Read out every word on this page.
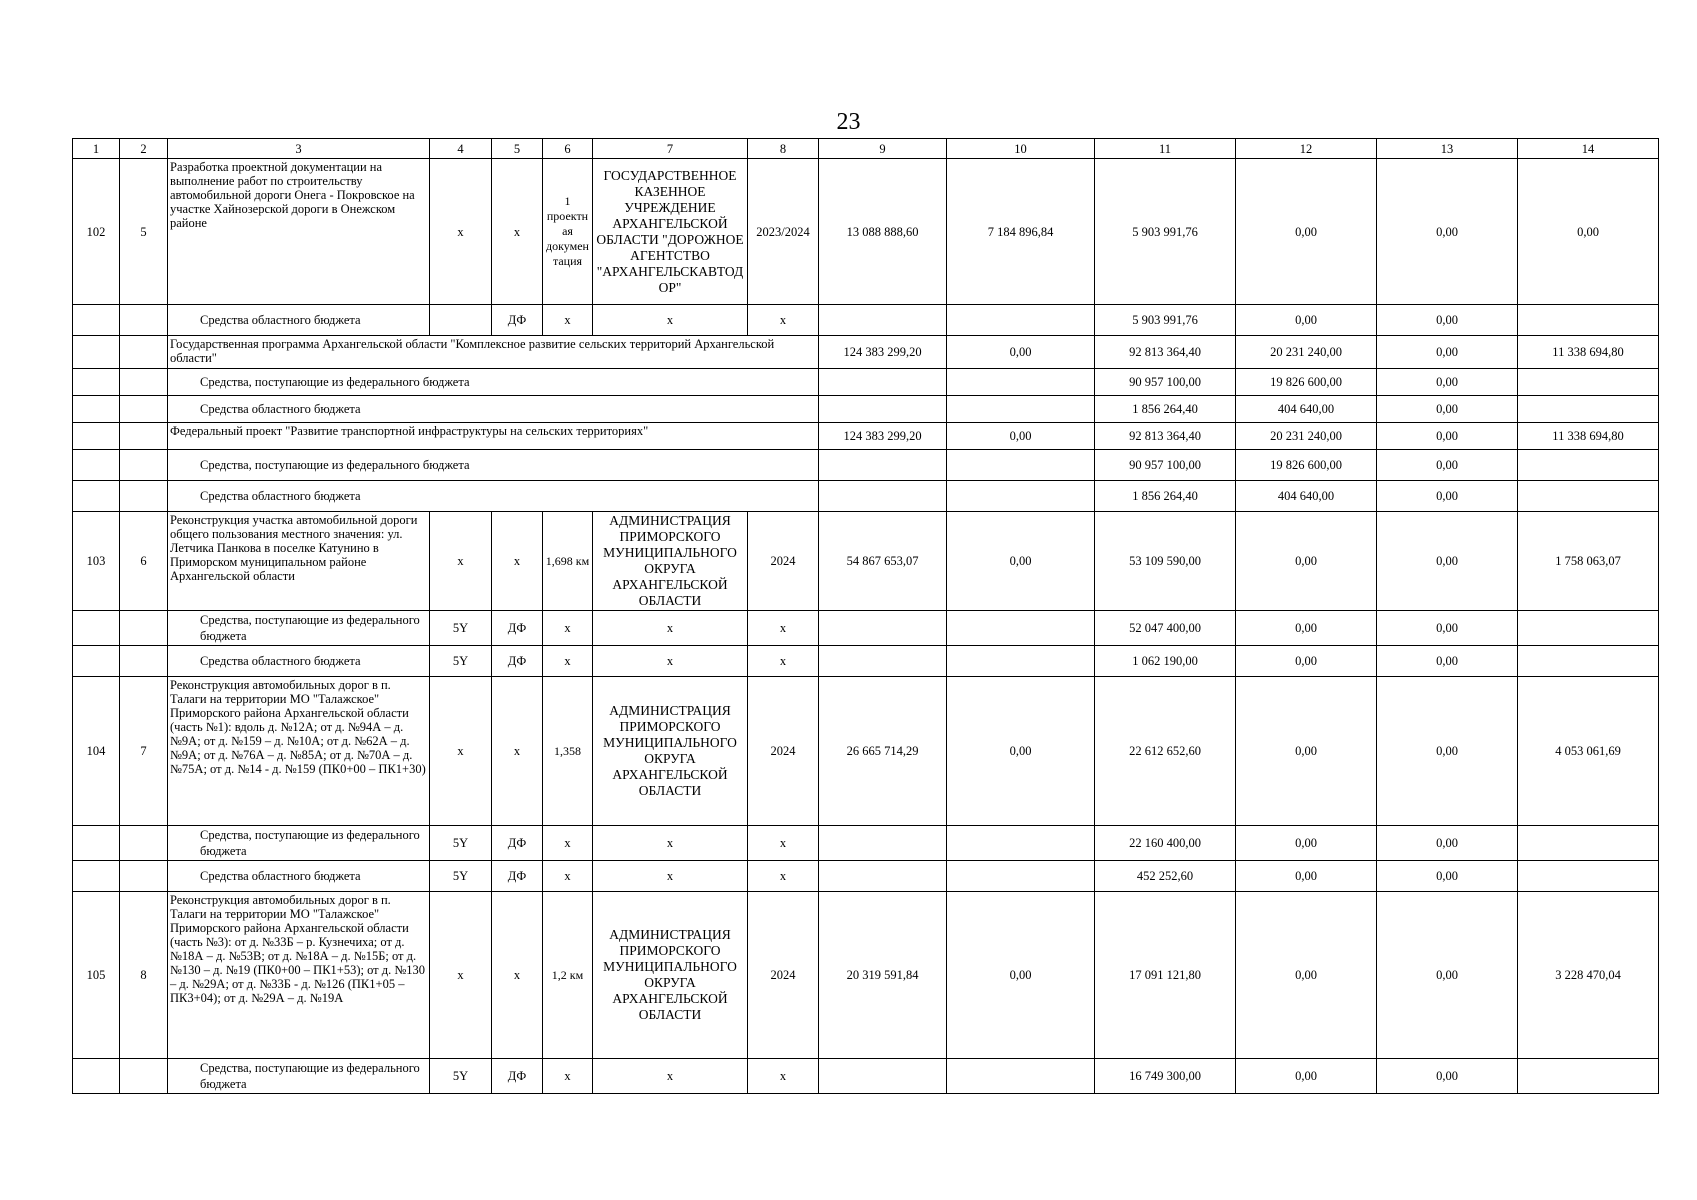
23
1	2	3	4	5	6	7	8	9	10	11	12	13	14
102	5	Разработка проектной документации на выполнение работ по строительству автомобильной дороги Онега - Покровское на участке Хайнозерской дороги в Онежском районе	x	x	1 проектная документация	ГОСУДАРСТВЕННОЕ КАЗЕННОЕ УЧРЕЖДЕНИЕ АРХАНГЕЛЬСКОЙ ОБЛАСТИ "ДОРОЖНОЕ АГЕНТСТВО "АРХАНГЕЛЬСКАВТОДОР"	2023/2024	13 088 888,60	7 184 896,84	5 903 991,76	0,00	0,00	0,00
		Средства областного бюджета		ДФ	x	x	x			5 903 991,76	0,00	0,00	
		Государственная программа Архангельской области "Комплексное развитие сельских территорий Архангельской области"						124 383 299,20	0,00	92 813 364,40	20 231 240,00	0,00	11 338 694,80
		Средства, поступающие из федерального бюджета								90 957 100,00	19 826 600,00	0,00	
		Средства областного бюджета								1 856 264,40	404 640,00	0,00	
		Федеральный проект "Развитие транспортной инфраструктуры на сельских территориях"						124 383 299,20	0,00	92 813 364,40	20 231 240,00	0,00	11 338 694,80
		Средства, поступающие из федерального бюджета								90 957 100,00	19 826 600,00	0,00	
		Средства областного бюджета								1 856 264,40	404 640,00	0,00	
103	6	Реконструкция участка автомобильной дороги общего пользования местного значения: ул. Летчика Панкова в поселке Катунино в Приморском муниципальном районе Архангельской области	x	x	1,698 км	АДМИНИСТРАЦИЯ ПРИМОРСКОГО МУНИЦИПАЛЬНОГО ОКРУГА АРХАНГЕЛЬСКОЙ ОБЛАСТИ	2024	54 867 653,07	0,00	53 109 590,00	0,00	0,00	1 758 063,07
		Средства, поступающие из федерального бюджета	5Y	ДФ	x	x	x			52 047 400,00	0,00	0,00	
		Средства областного бюджета	5Y	ДФ	x	x	x			1 062 190,00	0,00	0,00	
104	7	Реконструкция автомобильных дорог в п. Талаги на территории МО "Талажское" Приморского района Архангельской области (часть №1): вдоль д. №12А; от д. №94А – д. №9А; от д. №159 – д. №10А; от д. №62А – д. №9А; от д. №76А – д. №85А; от д. №70А – д. №75А; от д. №14 - д. №159 (ПК0+00 – ПК1+30)	x	x	1,358	АДМИНИСТРАЦИЯ ПРИМОРСКОГО МУНИЦИПАЛЬНОГО ОКРУГА АРХАНГЕЛЬСКОЙ ОБЛАСТИ	2024	26 665 714,29	0,00	22 612 652,60	0,00	0,00	4 053 061,69
		Средства, поступающие из федерального бюджета	5Y	ДФ	x	x	x			22 160 400,00	0,00	0,00	
		Средства областного бюджета	5Y	ДФ	x	x	x			452 252,60	0,00	0,00	
105	8	Реконструкция автомобильных дорог в п. Талаги на территории МО "Талажское" Приморского района Архангельской области (часть №3): от д. №33Б – р. Кузнечиха; от д. №18А – д. №53В; от д. №18А – д. №15Б; от д. №130 – д. №19 (ПК0+00 – ПК1+53); от д. №130 – д. №29А; от д. №33Б - д. №126 (ПК1+05 – ПК3+04); от д. №29А – д. №19А	x	x	1,2 км	АДМИНИСТРАЦИЯ ПРИМОРСКОГО МУНИЦИПАЛЬНОГО ОКРУГА АРХАНГЕЛЬСКОЙ ОБЛАСТИ	2024	20 319 591,84	0,00	17 091 121,80	0,00	0,00	3 228 470,04
		Средства, поступающие из федерального бюджета	5Y	ДФ	x	x	x			16 749 300,00	0,00	0,00	
